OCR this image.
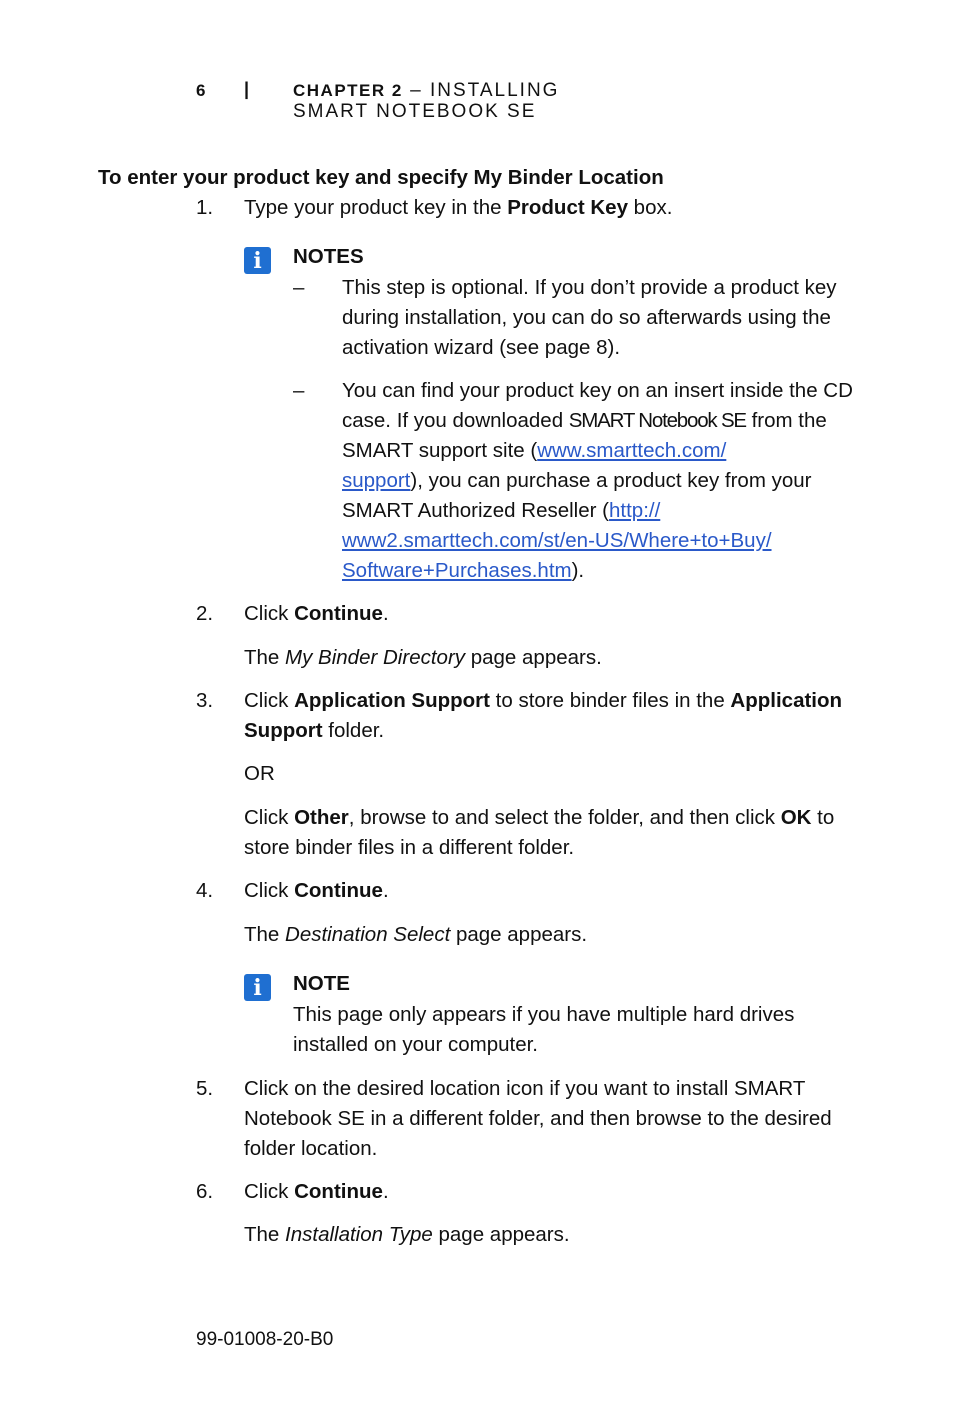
6 |	CHAPTER 2 – INSTALLING
SMART NOTEBOOK SE
To enter your product key and specify My Binder Location
1. Type your product key in the Product Key box.
i	NOTES
– This step is optional. If you don’t provide a product key during installation, you can do so afterwards using the activation wizard (see page 8).
– You can find your product key on an insert inside the CD case. If you downloaded SMART Notebook SE from the SMART support site (www.smarttech.com/
support), you can purchase a product key from your SMART Authorized Reseller (http://
www2.smarttech.com/st/en-US/Where+to+Buy/
Software+Purchases.htm).
2. Click Continue.
The My Binder Directory page appears.
3. Click Application Support to store binder files in the Application Support folder.
OR
Click Other, browse to and select the folder, and then click OK to store binder files in a different folder.
4. Click Continue.
The Destination Select page appears.
i	NOTE
This page only appears if you have multiple hard drives installed on your computer.
5. Click on the desired location icon if you want to install SMART Notebook SE in a different folder, and then browse to the desired folder location.
6. Click Continue.
The Installation Type page appears.
99-01008-20-B0
